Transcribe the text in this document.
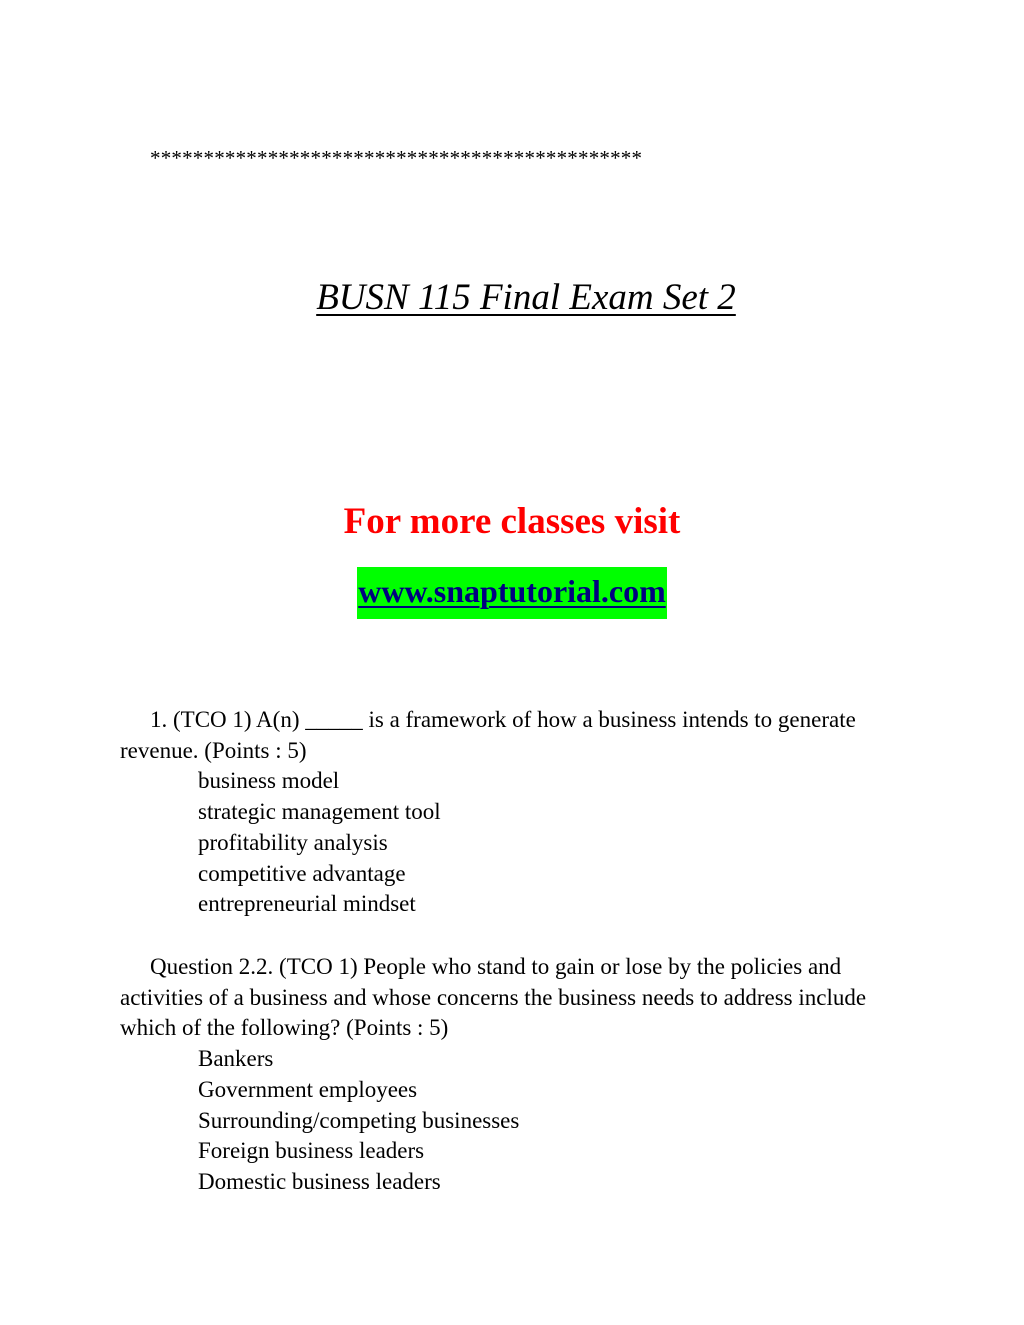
**********************************************
BUSN 115 Final Exam Set 2
For more classes visit
www.snaptutorial.com

1. (TCO 1) A(n) _____ is a framework of how a business intends to generate revenue. (Points : 5)

business model
strategic management tool
profitability analysis
competitive advantage
entrepreneurial mindset

Question 2.2. (TCO 1) People who stand to gain or lose by the policies and activities of a business and whose concerns the business needs to address include which of the following? (Points : 5)

Bankers
Government employees
Surrounding/competing businesses
Foreign business leaders
Domestic business leaders
